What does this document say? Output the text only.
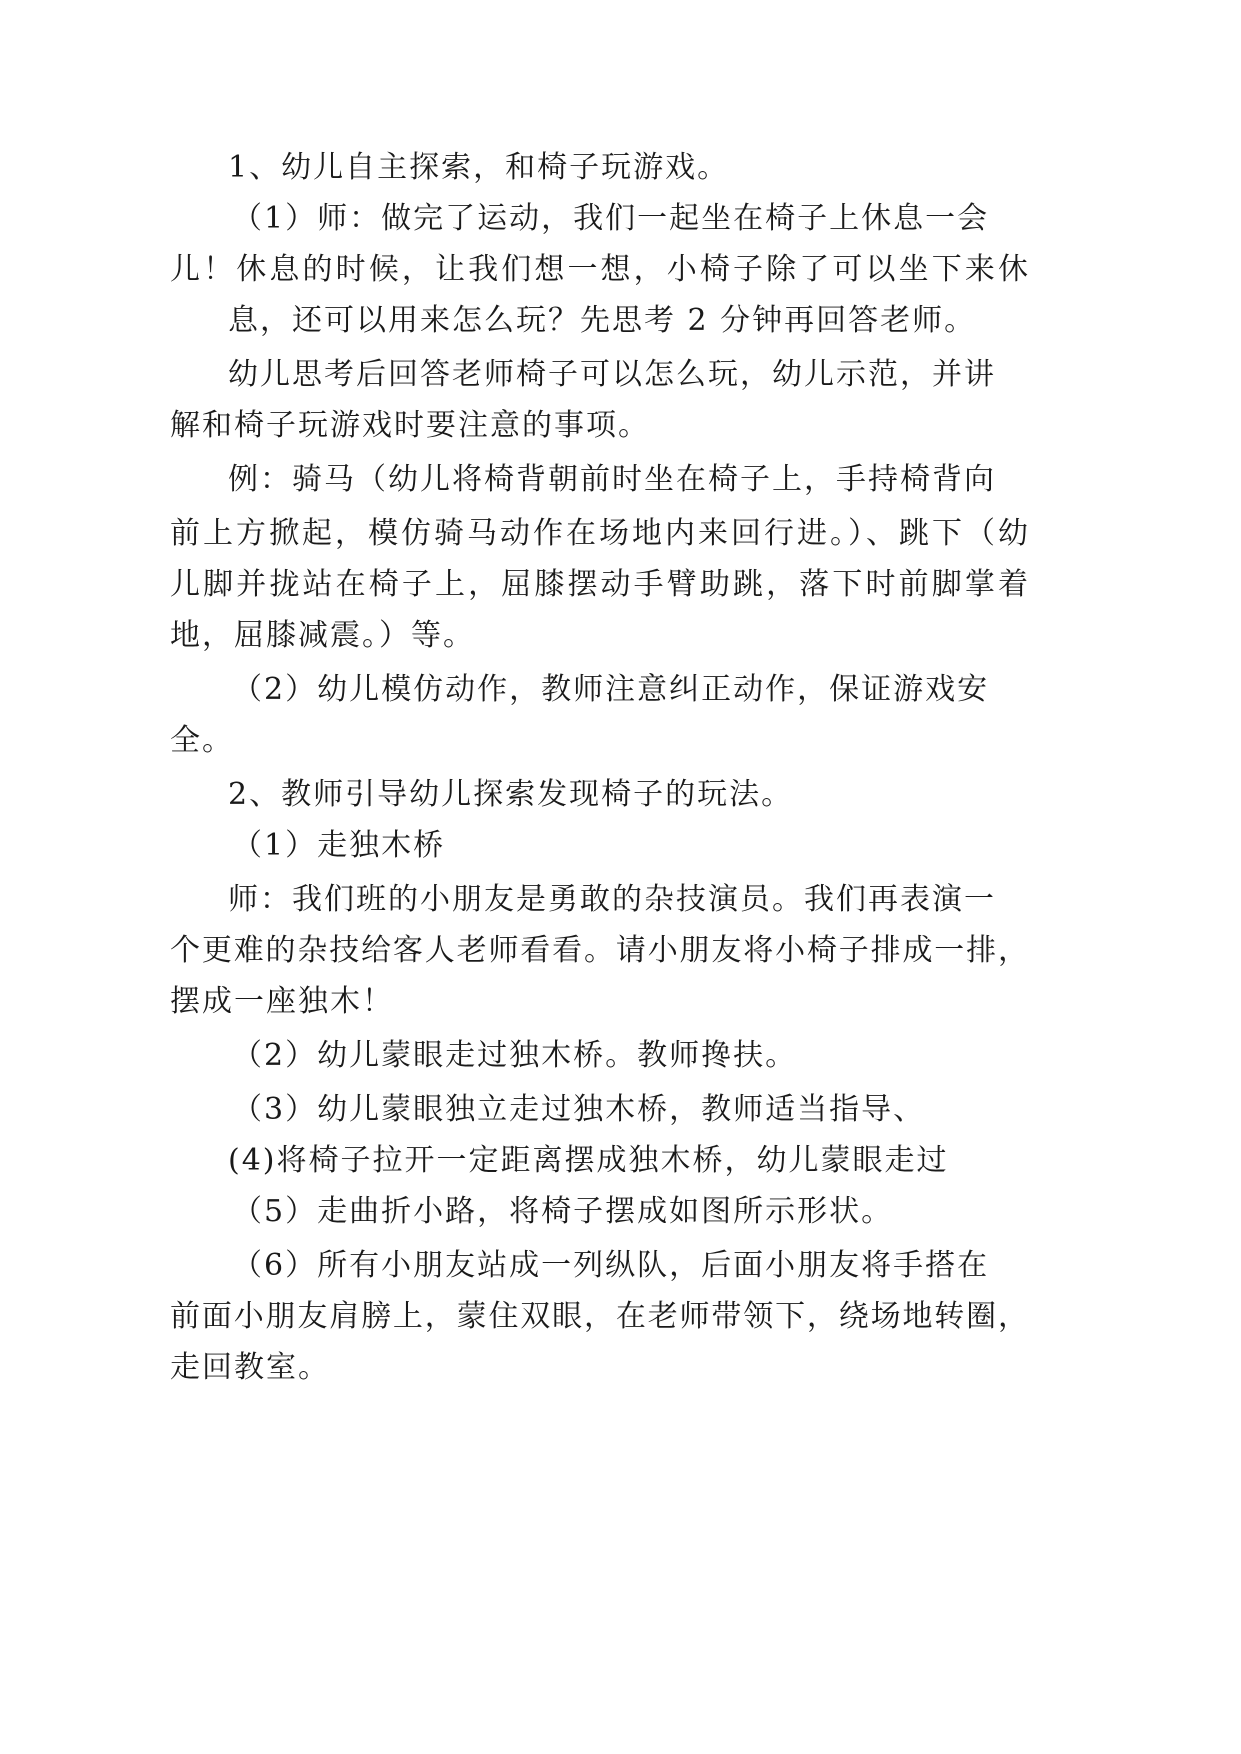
1、幼儿自主探索，和椅子玩游戏。
（1）师：做完了运动，我们一起坐在椅子上休息一会
儿！休息的时候，让我们想一想，小椅子除了可以坐下来休
息，还可以用来怎么玩？先思考 2 分钟再回答老师。
幼儿思考后回答老师椅子可以怎么玩，幼儿示范，并讲
解和椅子玩游戏时要注意的事项。
例：骑马（幼儿将椅背朝前时坐在椅子上，手持椅背向
前上方掀起，模仿骑马动作在场地内来回行进。）、跳下（幼
儿脚并拢站在椅子上，屈膝摆动手臂助跳，落下时前脚掌着
地，屈膝减震。）等。
（2）幼儿模仿动作，教师注意纠正动作，保证游戏安
全。
2、教师引导幼儿探索发现椅子的玩法。
（1）走独木桥
师：我们班的小朋友是勇敢的杂技演员。我们再表演一
个更难的杂技给客人老师看看。请小朋友将小椅子排成一排，
摆成一座独木！
（2）幼儿蒙眼走过独木桥。教师搀扶。
（3）幼儿蒙眼独立走过独木桥，教师适当指导、
(4)将椅子拉开一定距离摆成独木桥，幼儿蒙眼走过
（5）走曲折小路，将椅子摆成如图所示形状。
（6）所有小朋友站成一列纵队，后面小朋友将手搭在
前面小朋友肩膀上，蒙住双眼，在老师带领下，绕场地转圈，
走回教室。
